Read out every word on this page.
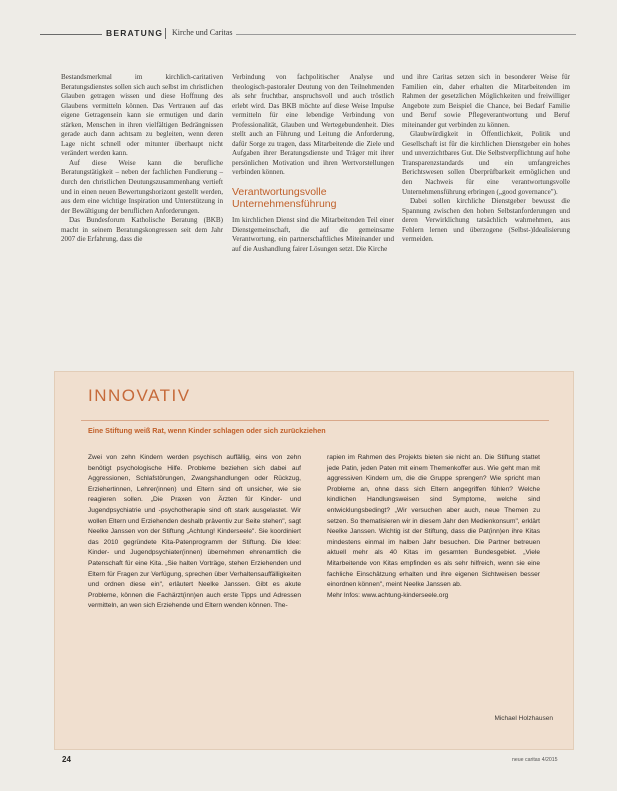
BERATUNG Kirche und Caritas

Bestandsmerkmal im kirchlich-caritativen Beratungsdienstes sollen sich auch selbst im christlichen Glauben getragen wissen und diese Hoffnung des Glaubens vermitteln können. Das Vertrauen auf das eigene Getragensein kann sie ermutigen und darin stärken, Menschen in ihren vielfältigen Bedrängnissen gerade auch dann achtsam zu begleiten, wenn deren Lage nicht schnell oder mitunter überhaupt nicht verändert werden kann.

Auf diese Weise kann die berufliche Beratungstätigkeit – neben der fachlichen Fundierung – durch den christlichen Deutungszusammenhang vertieft und in einen neuen Bewertungshorizont gestellt werden, aus dem eine wichtige Inspiration und Unterstützung in der Bewältigung der beruflichen Anforderungen.

Das Bundesforum Katholische Beratung (BKB) macht in seinem Beratungskongressen seit dem Jahr 2007 die Erfahrung, dass die

Verbindung von fachpolitischer Analyse und theologisch-pastoraler Deutung von den Teilnehmenden als sehr fruchtbar, anspruchsvoll und auch tröstlich erlebt wird. Das BKB möchte auf diese Weise Impulse vermitteln für eine lebendige Verbindung von Professionalität, Glauben und Wertegebundenheit. Dies stellt auch an Führung und Leitung die Anforderung, dafür Sorge zu tragen, dass Mitarbeitende die Ziele und Aufgaben ihrer Beratungsdienste und Träger mit ihrer persönlichen Motivation und ihren Wertvorstellungen verbinden können.

Verantwortungsvolle Unternehmensführung

Im kirchlichen Dienst sind die Mitarbeitenden Teil einer Dienstgemeinschaft, die auf die gemeinsame Verantwortung, ein partnerschaftliches Miteinander und auf die Aushandlung fairer Lösungen setzt. Die Kirche

und ihre Caritas setzen sich in besonderer Weise für Familien ein, daher erhalten die Mitarbeitenden im Rahmen der gesetzlichen Möglichkeiten und freiwilliger Angebote zum Beispiel die Chance, bei Bedarf Familie und Beruf sowie Pflegeverantwortung und Beruf miteinander gut verbinden zu können.

Glaubwürdigkeit in Öffentlichkeit, Politik und Gesellschaft ist für die kirchlichen Dienstgeber ein hohes und unverzichtbares Gut. Die Selbstverpflichtung auf hohe Transparenzstandards und ein umfangreiches Berichtswesen sollen Überprüfbarkeit ermöglichen und den Nachweis für eine verantwortungsvolle Unternehmensführung erbringen („good governance").

Dabei sollen kirchliche Dienstgeber bewusst die Spannung zwischen den hohen Selbstanforderungen und deren Verwirklichung tatsächlich wahrnehmen, aus Fehlern lernen und überzogene (Selbst-)Idealisierung vermeiden.

INNOVATIV
Eine Stiftung weiß Rat, wenn Kinder schlagen oder sich zurückziehen

Zwei von zehn Kindern werden psychisch auffällig, eins von zehn benötigt psychologische Hilfe. Probleme beziehen sich dabei auf Aggressionen, Schlafstörungen, Zwangshandlungen oder Rückzug, Erziehertinnen, Lehrer(innen) und Eltern sind oft unsicher, wie sie reagieren sollen. „Die Praxen von Ärzten für Kinder- und Jugendpsychiatrie und -psychotherapie sind oft stark ausgelastet. Wir wollen Eltern und Erziehenden deshalb präventiv zur Seite stehen", sagt Neelke Janssen von der Stiftung „Achtung! Kinderseele". Sie koordiniert das 2010 gegründete Kita-Patenprogramm der Stiftung. Die Idee: Kinder- und Jugendpsychiater(innen) übernehmen ehrenamtlich die Patenschaft für eine Kita. „Sie halten Vorträge, stehen Erziehenden und Eltern für Fragen zur Verfügung, sprechen über Verhaltensauffälligkeiten und ordnen diese ein", erläutert Neelke Janssen. Gibt es akute Probleme, können die Fachärzt(inn)en auch erste Tipps und Adressen vermitteln, an wen sich Erziehende und Eltern wenden können. The-

rapien im Rahmen des Projekts bieten sie nicht an. Die Stiftung stattet jede Patin, jeden Paten mit einem Themenkoffer aus. Wie geht man mit aggressiven Kindern um, die die Gruppe sprengen? Wie spricht man Probleme an, ohne dass sich Eltern angegriffen fühlen? Welche kindlichen Handlungsweisen sind Symptome, welche sind entwicklungsbedingt? „Wir versuchen aber auch, neue Themen zu setzen. So thematisieren wir in diesem Jahr den Medienkonsum", erklärt Neelke Janssen. Wichtig ist der Stiftung, dass die Pat(inn)en ihre Kitas mindestens einmal im halben Jahr besuchen. Die Partner betreuen aktuell mehr als 40 Kitas im gesamten Bundesgebiet. „Viele Mitarbeitende von Kitas empfinden es als sehr hilfreich, wenn sie eine fachliche Einschätzung erhalten und ihre eigenen Sichtweisen besser einordnen können", meint Neelke Janssen ab.
Mehr Infos: www.achtung-kinderseele.org

Michael Holzhausen
24	neue caritas 4/2015
